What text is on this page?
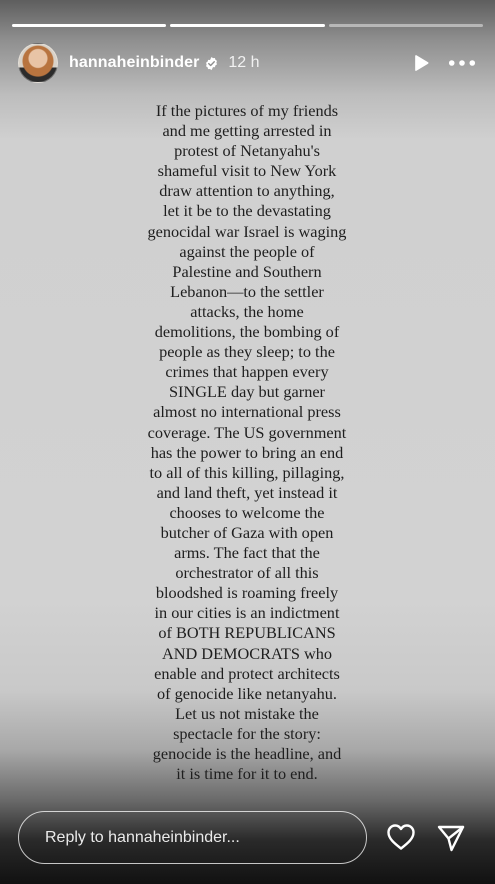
hannaheinbinder 12 h
If the pictures of my friends
and me getting arrested in
protest of Netanyahu's
shameful visit to New York
draw attention to anything,
let it be to the devastating
genocidal war Israel is waging
against the people of
Palestine and Southern
Lebanon—to the settler
attacks, the home
demolitions, the bombing of
people as they sleep; to the
crimes that happen every
SINGLE day but garner
almost no international press
coverage. The US government
has the power to bring an end
to all of this killing, pillaging,
and land theft, yet instead it
chooses to welcome the
butcher of Gaza with open
arms. The fact that the
orchestrator of all this
bloodshed is roaming freely
in our cities is an indictment
of BOTH REPUBLICANS
AND DEMOCRATS who
enable and protect architects
of genocide like netanyahu.
Let us not mistake the
spectacle for the story:
genocide is the headline, and
it is time for it to end.
Reply to hannaheinbinder...
